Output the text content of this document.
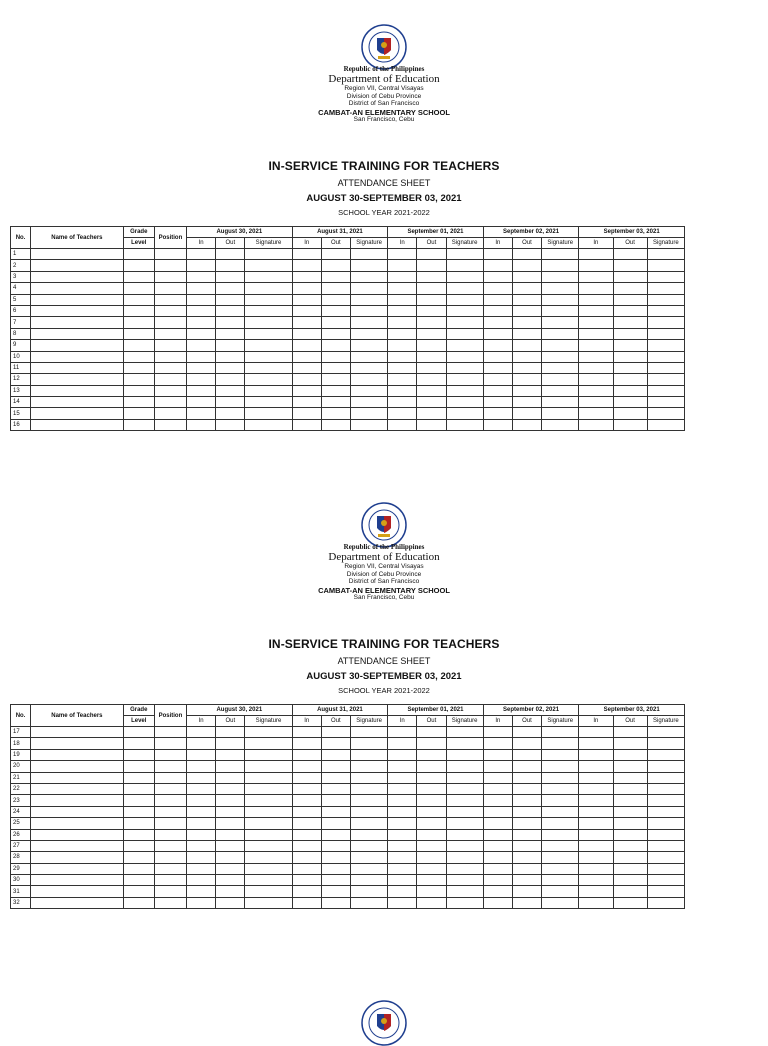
Republic of the Philippines
Department of Education
Region VII, Central Visayas
Division of Cebu Province
District of San Francisco
CAMBAT-AN ELEMENTARY SCHOOL
San Francisco, Cebu
IN-SERVICE TRAINING FOR TEACHERS
ATTENDANCE SHEET
AUGUST 30-SEPTEMBER 03, 2021
SCHOOL YEAR 2021-2022
No.	Name of Teachers	Grade	Position	August 30, 2021			August 31, 2021			September 01, 2021			September 02, 2021			September 03, 2021		
		Level		In	Out	Signature	In	Out	Signature	In	Out	Signature	In	Out	Signature	In	Out	Signature
1																		
2																		
3																		
4																		
5																		
6																		
7																		
8																		
9																		
10																		
11																		
12																		
13																		
14																		
15																		
16																		
Republic of the Philippines
Department of Education
Region VII, Central Visayas
Division of Cebu Province
District of San Francisco
CAMBAT-AN ELEMENTARY SCHOOL
San Francisco, Cebu
IN-SERVICE TRAINING FOR TEACHERS
ATTENDANCE SHEET
AUGUST 30-SEPTEMBER 03, 2021
SCHOOL YEAR 2021-2022
No.	Name of Teachers	Grade	Position	August 30, 2021			August 31, 2021			September 01, 2021			September 02, 2021			September 03, 2021		
		Level		In	Out	Signature	In	Out	Signature	In	Out	Signature	In	Out	Signature	In	Out	Signature
17																		
18																		
19																		
20																		
21																		
22																		
23																		
24																		
25																		
26																		
27																		
28																		
29																		
30																		
31																		
32																		
